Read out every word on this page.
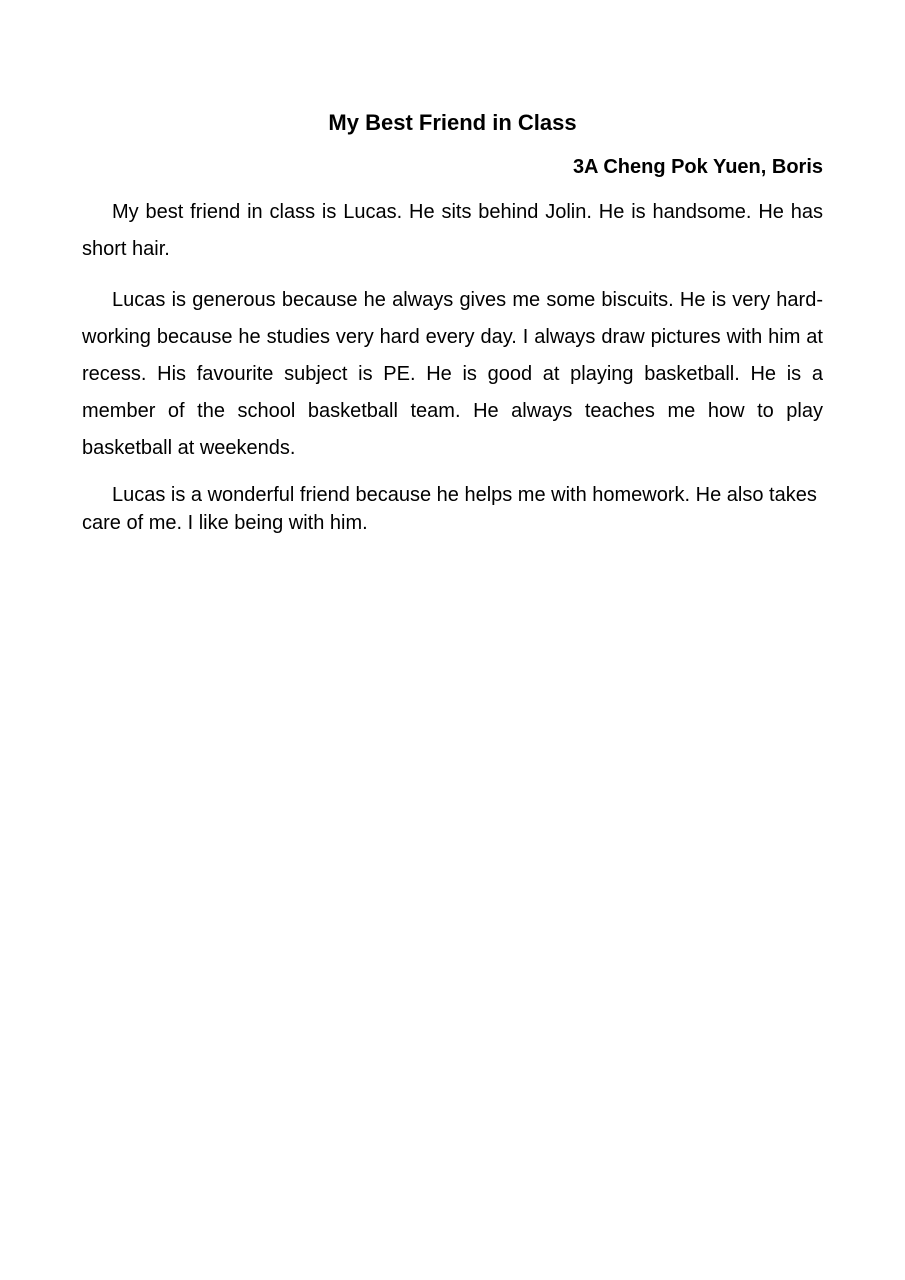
My Best Friend in Class
3A Cheng Pok Yuen, Boris

My best friend in class is Lucas. He sits behind Jolin. He is handsome. He has short hair.

Lucas is generous because he always gives me some biscuits. He is very hard-working because he studies very hard every day. I always draw pictures with him at recess. His favourite subject is PE. He is good at playing basketball. He is a member of the school basketball team. He always teaches me how to play basketball at weekends.

Lucas is a wonderful friend because he helps me with homework. He also takes care of me. I like being with him.
